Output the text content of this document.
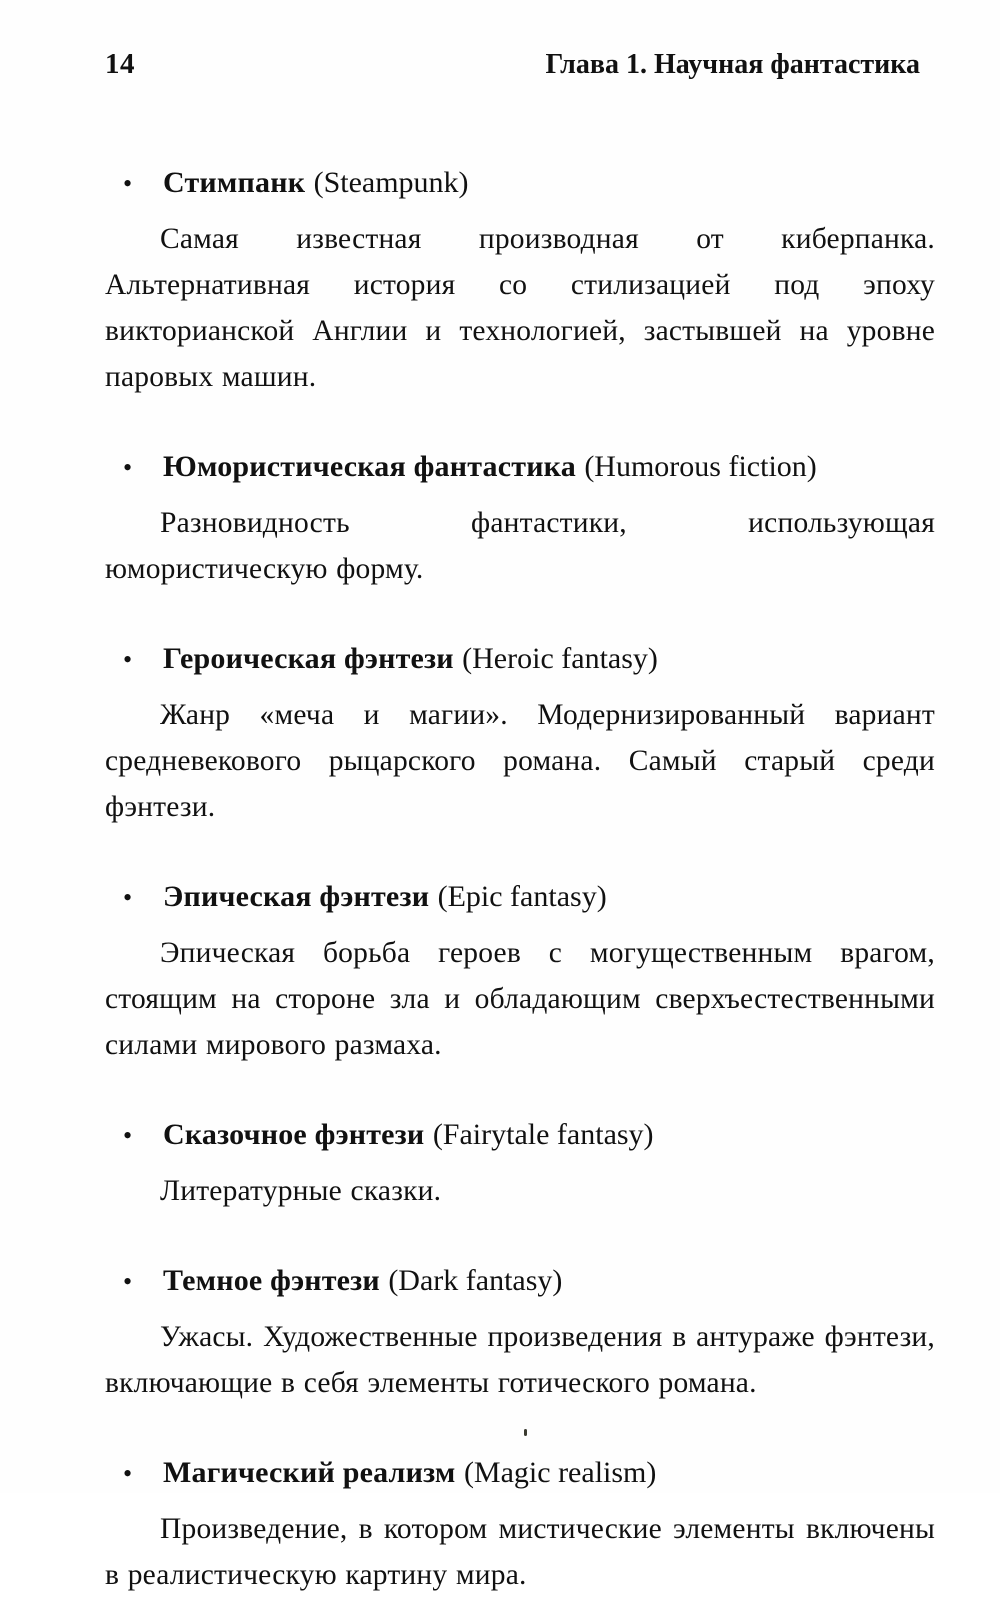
14	Глава 1. Научная фантастика
•	Стимпанк (Steampunk)

Самая известная производная от киберпанка. Альтернативная история со стилизацией под эпоху викторианской Англии и технологией, застывшей на уровне паровых машин.

•	Юмористическая фантастика (Humorous fiction)

Разновидность фантастики, использующая юмористическую форму.

•	Героическая фэнтези (Heroic fantasy)

Жанр «меча и магии». Модернизированный вариант средневекового рыцарского романа. Самый старый среди фэнтези.

•	Эпическая фэнтези (Epic fantasy)

Эпическая борьба героев с могущественным врагом, стоящим на стороне зла и обладающим сверхъестественными силами мирового размаха.

•	Сказочное фэнтези (Fairytale fantasy)

Литературные сказки.

•	Темное фэнтези (Dark fantasy)

Ужасы. Художественные произведения в антураже фэнтези, включающие в себя элементы готического романа.

•	Магический реализм (Magic realism)

Произведение, в котором мистические элементы включены в реалистическую картину мира.
